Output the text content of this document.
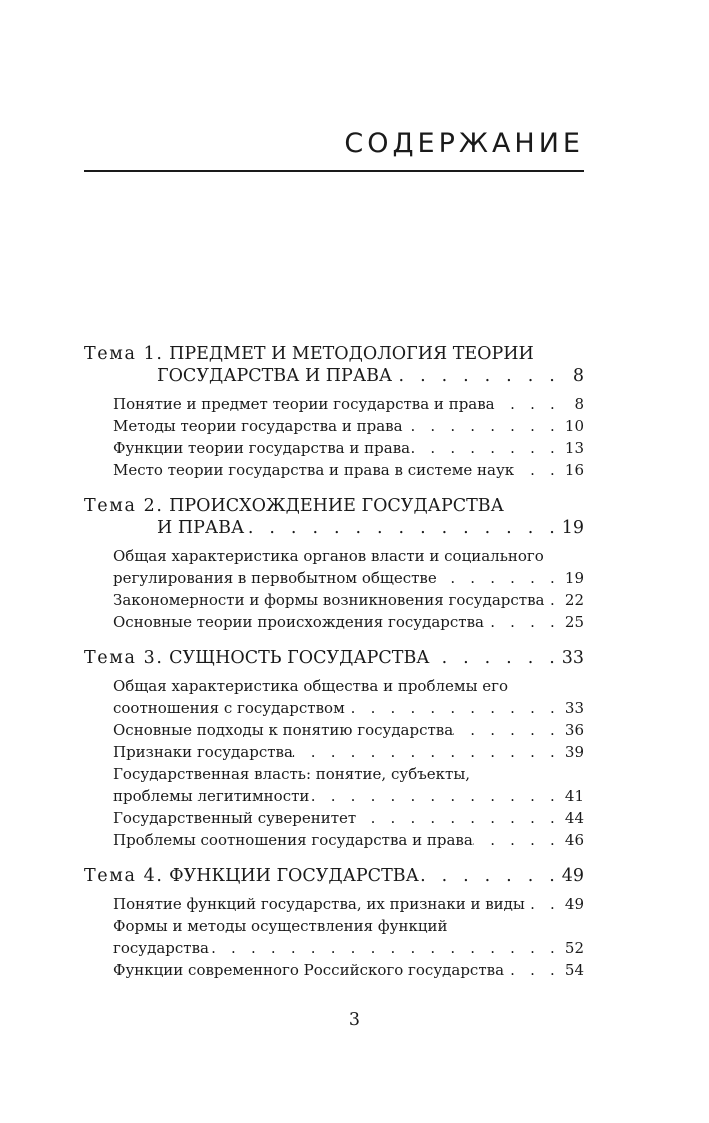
СОДЕРЖАНИЕ
Тема 1. ПРЕДМЕТ И МЕТОДОЛОГИЯ ТЕОРИИ
ГОСУДАРСТВА И ПРАВА . . .	8
Понятие и предмет теории государства и права . . .	8
Методы теории государства и права . . .	10
Функции теории государства и права . . .	13
Место теории государства и права в системе наук . . .	16
Тема 2. ПРОИСХОЖДЕНИЕ ГОСУДАРСТВА
И ПРАВА . . .	19
Общая характеристика органов власти и социального
регулирования в первобытном обществе . . .	19
Закономерности и формы возникновения государства . . .	22
Основные теории происхождения государства . . .	25
Тема 3. СУЩНОСТЬ ГОСУДАРСТВА . . .	33
Общая характеристика общества и проблемы его
соотношения с государством . . .	33
Основные подходы к понятию государства . . .	36
Признаки государства . . .	39
Государственная власть: понятие, субъекты,
проблемы легитимности . . .	41
Государственный суверенитет . . .	44
Проблемы соотношения государства и права . . .	46
Тема 4. ФУНКЦИИ ГОСУДАРСТВА . . .	49
Понятие функций государства, их признаки и виды . . .	49
Формы и методы осуществления функций
государства . . .	52
Функции современного Российского государства . . .	54
3
